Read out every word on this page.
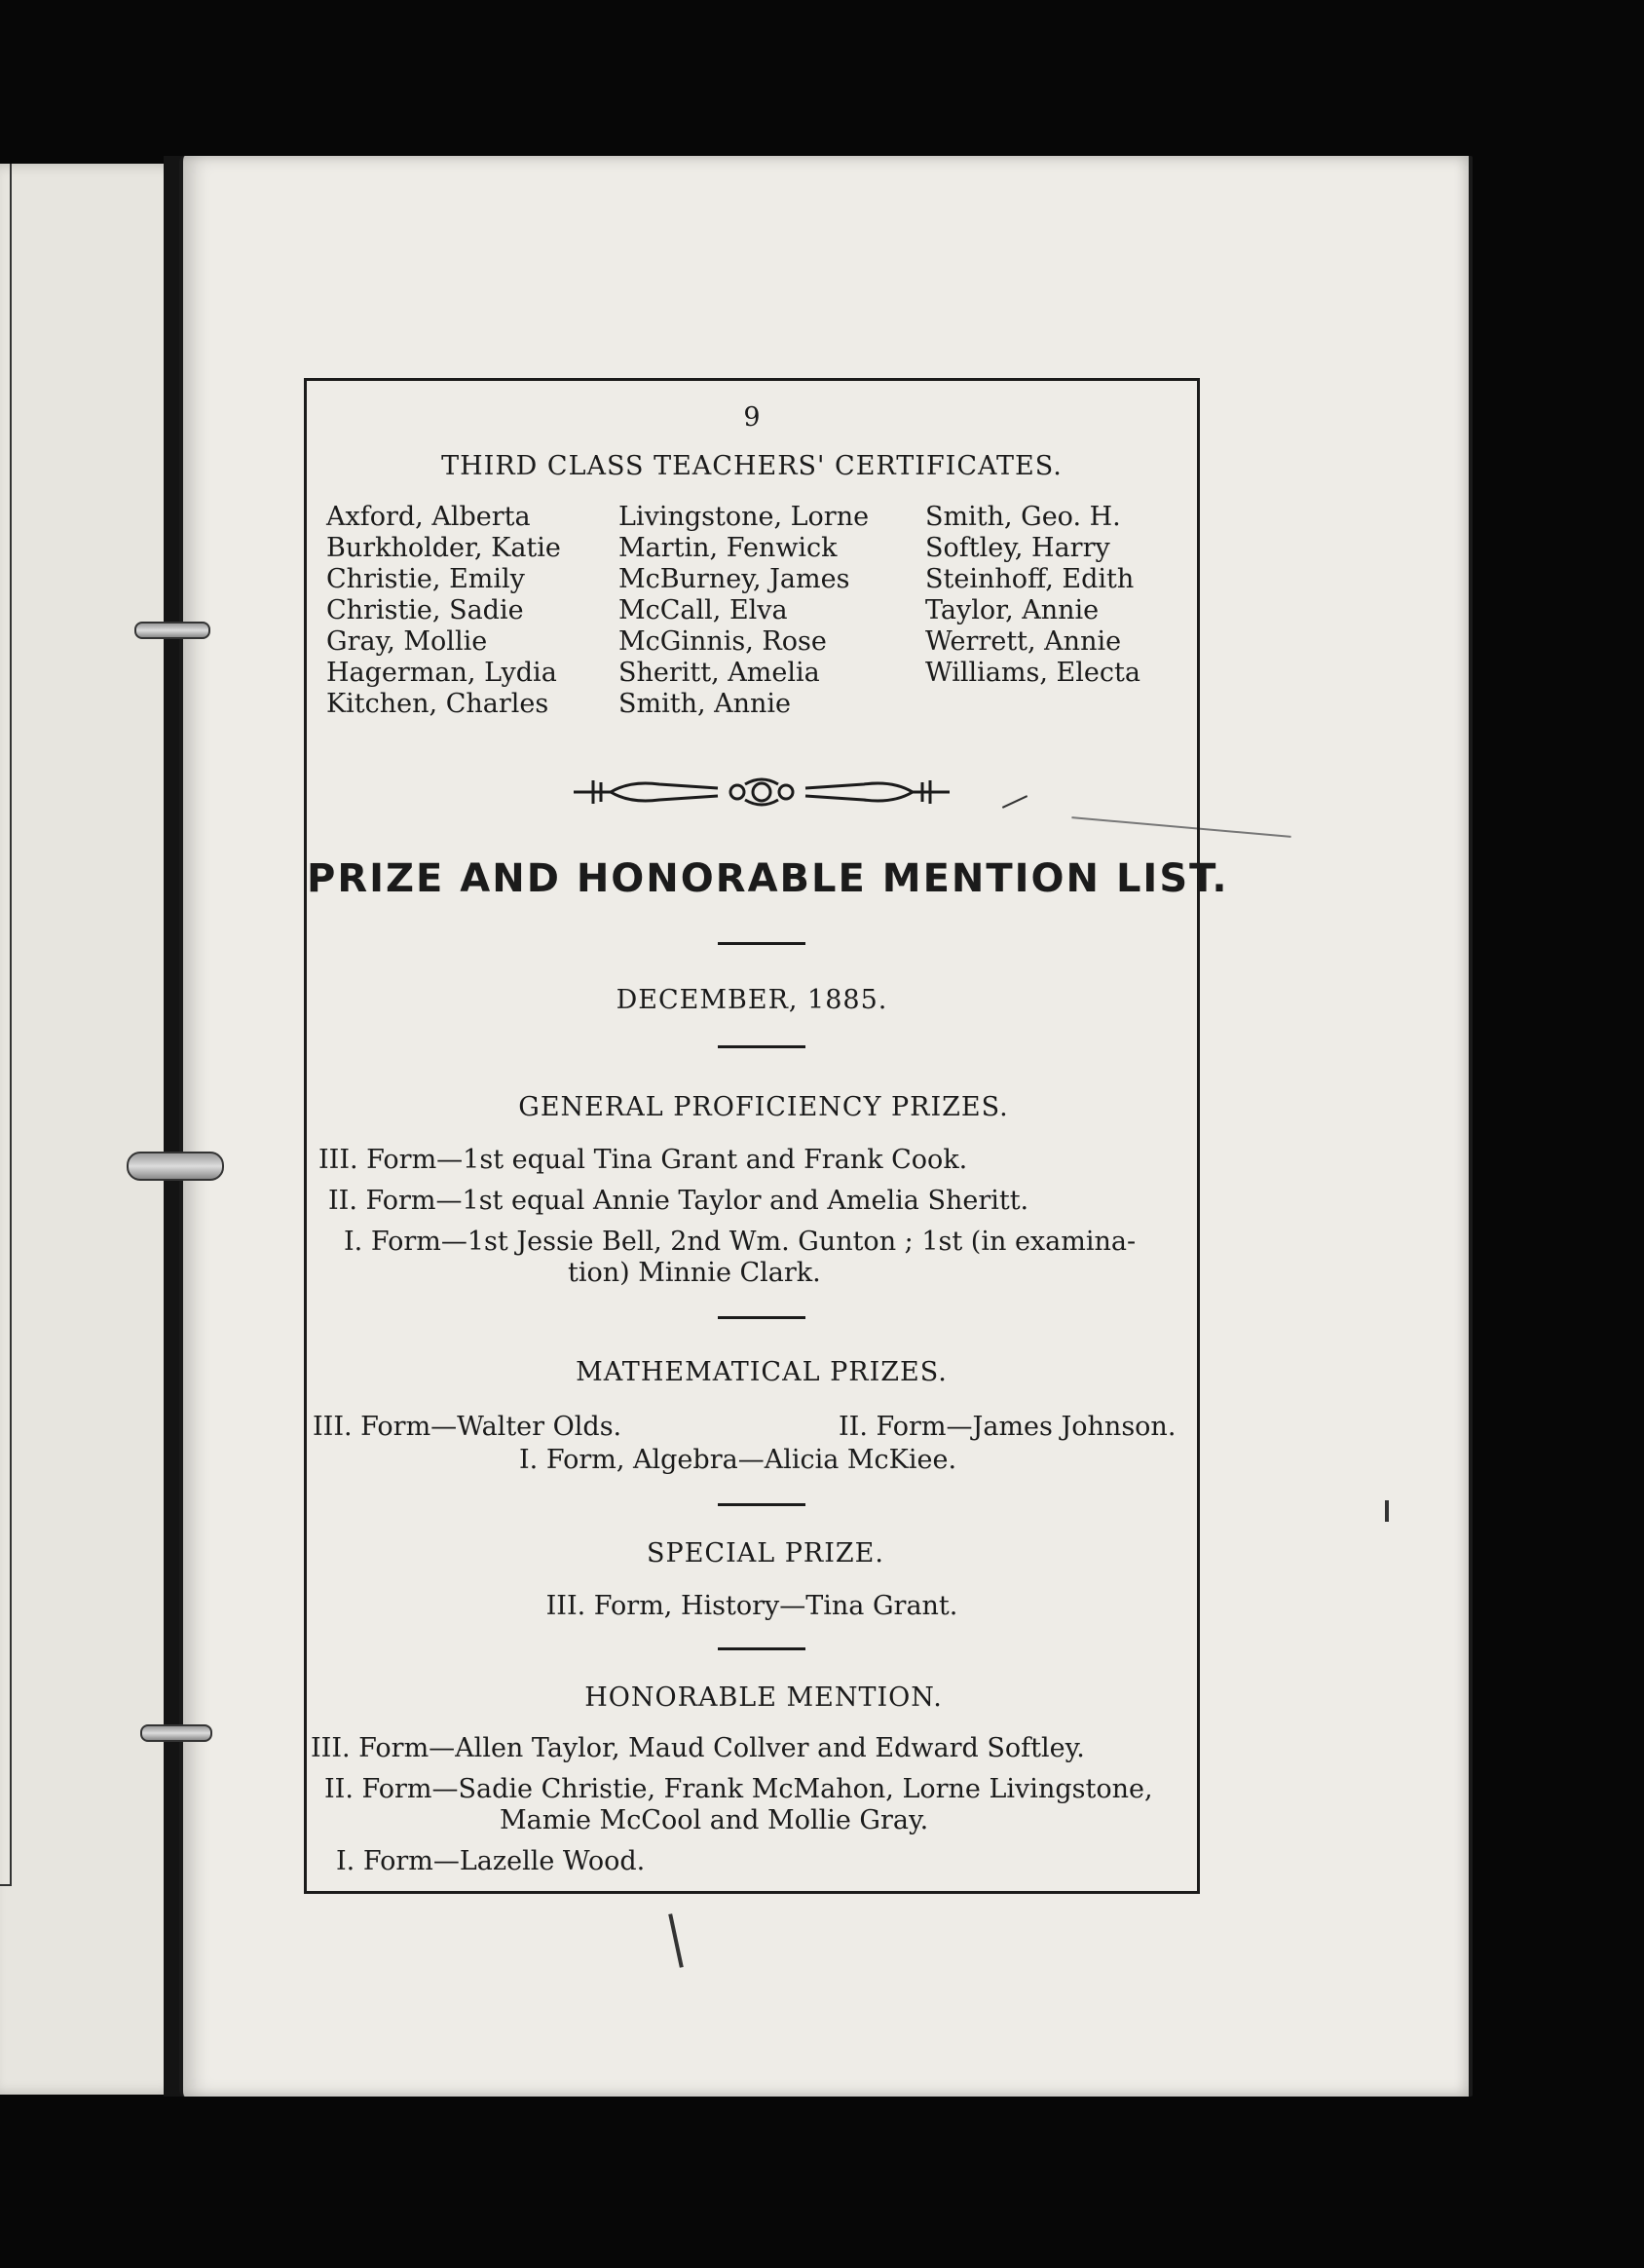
9
THIRD CLASS TEACHERS' CERTIFICATES.
Axford, Alberta
Burkholder, Katie
Christie, Emily
Christie, Sadie
Gray, Mollie
Hagerman, Lydia
Kitchen, Charles
Livingstone, Lorne
Martin, Fenwick
McBurney, James
McCall, Elva
McGinnis, Rose
Sheritt, Amelia
Smith, Annie
Smith, Geo. H.
Softley, Harry
Steinhoff, Edith
Taylor, Annie
Werrett, Annie
Williams, Electa
PRIZE AND HONORABLE MENTION LIST.
DECEMBER, 1885.
GENERAL PROFICIENCY PRIZES.
III. Form—1st equal Tina Grant and Frank Cook.
II. Form—1st equal Annie Taylor and Amelia Sheritt.
I. Form—1st Jessie Bell, 2nd Wm. Gunton ; 1st (in examina-
tion) Minnie Clark.
MATHEMATICAL PRIZES.
III. Form—Walter Olds.	II. Form—James Johnson.
I. Form, Algebra—Alicia McKiee.
SPECIAL PRIZE.
III. Form, History—Tina Grant.
HONORABLE MENTION.
III. Form—Allen Taylor, Maud Collver and Edward Softley.
II. Form—Sadie Christie, Frank McMahon, Lorne Livingstone,
Mamie McCool and Mollie Gray.
I. Form—Lazelle Wood.
